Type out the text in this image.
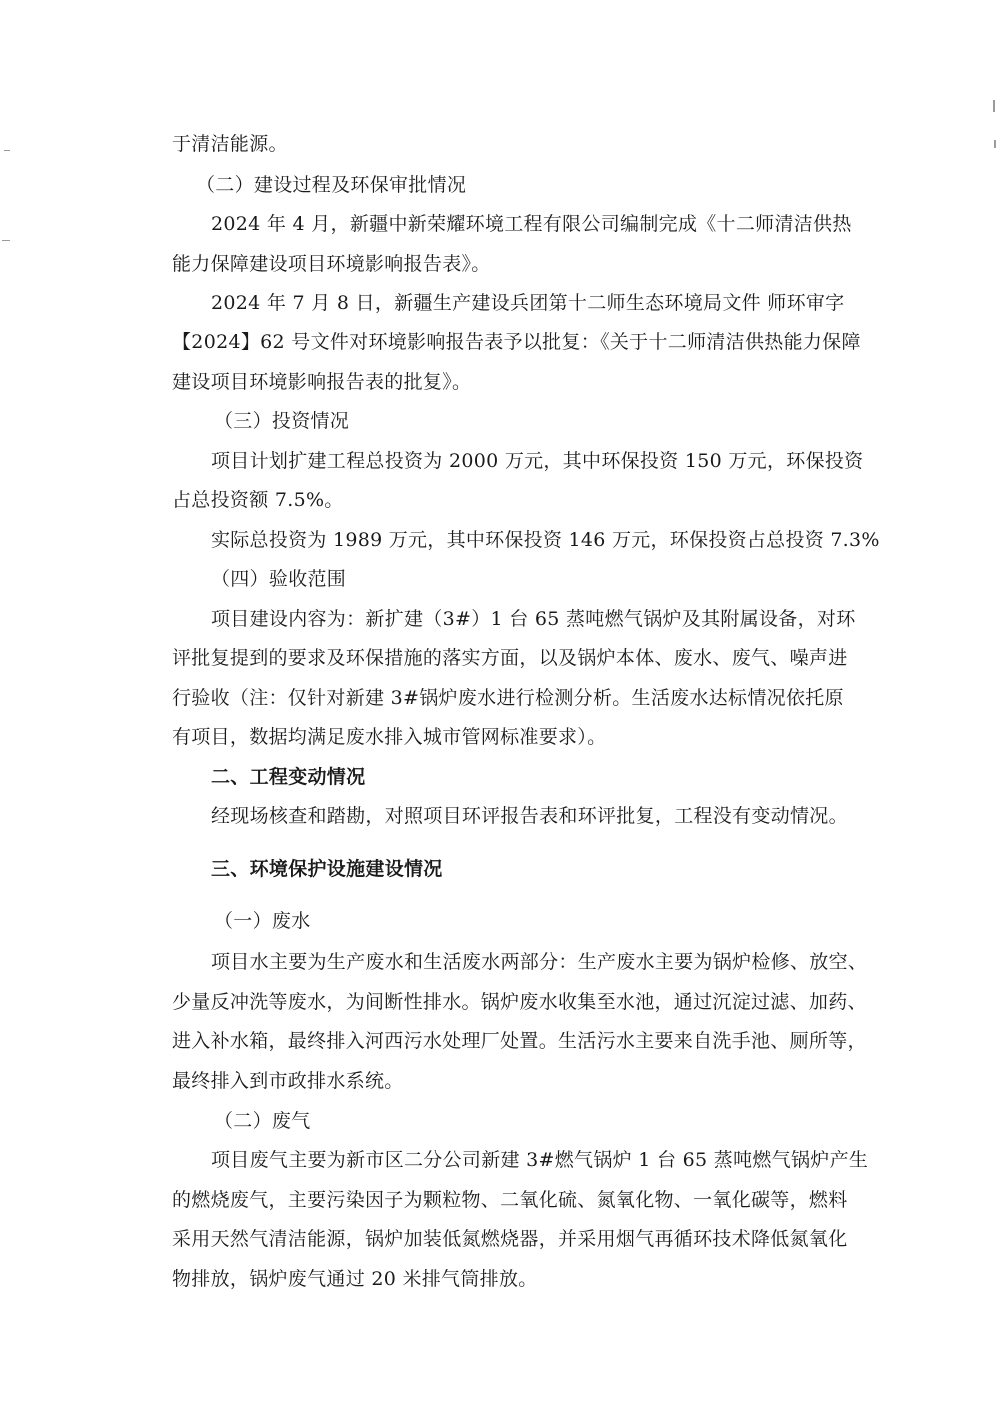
于清洁能源。
（二）建设过程及环保审批情况
2024 年 4 月，新疆中新荣耀环境工程有限公司编制完成《十二师清洁供热
能力保障建设项目环境影响报告表》。
2024 年 7 月 8 日，新疆生产建设兵团第十二师生态环境局文件 师环审字
【2024】62 号文件对环境影响报告表予以批复：《关于十二师清洁供热能力保障
建设项目环境影响报告表的批复》。
（三）投资情况
项目计划扩建工程总投资为 2000 万元，其中环保投资 150 万元，环保投资
占总投资额 7.5%。
实际总投资为 1989 万元，其中环保投资 146 万元，环保投资占总投资 7.3%
（四）验收范围
项目建设内容为：新扩建（3#）1 台 65 蒸吨燃气锅炉及其附属设备，对环
评批复提到的要求及环保措施的落实方面，以及锅炉本体、废水、废气、噪声进
行验收（注：仅针对新建 3#锅炉废水进行检测分析。生活废水达标情况依托原
有项目，数据均满足废水排入城市管网标准要求）。
二、工程变动情况
经现场核查和踏勘，对照项目环评报告表和环评批复，工程没有变动情况。
三、环境保护设施建设情况
（一）废水
项目水主要为生产废水和生活废水两部分：生产废水主要为锅炉检修、放空、
少量反冲洗等废水，为间断性排水。锅炉废水收集至水池，通过沉淀过滤、加药、
进入补水箱，最终排入河西污水处理厂处置。生活污水主要来自洗手池、厕所等，
最终排入到市政排水系统。
（二）废气
项目废气主要为新市区二分公司新建 3#燃气锅炉 1 台 65 蒸吨燃气锅炉产生
的燃烧废气，主要污染因子为颗粒物、二氧化硫、氮氧化物、一氧化碳等，燃料
采用天然气清洁能源，锅炉加装低氮燃烧器，并采用烟气再循环技术降低氮氧化
物排放，锅炉废气通过 20 米排气筒排放。
